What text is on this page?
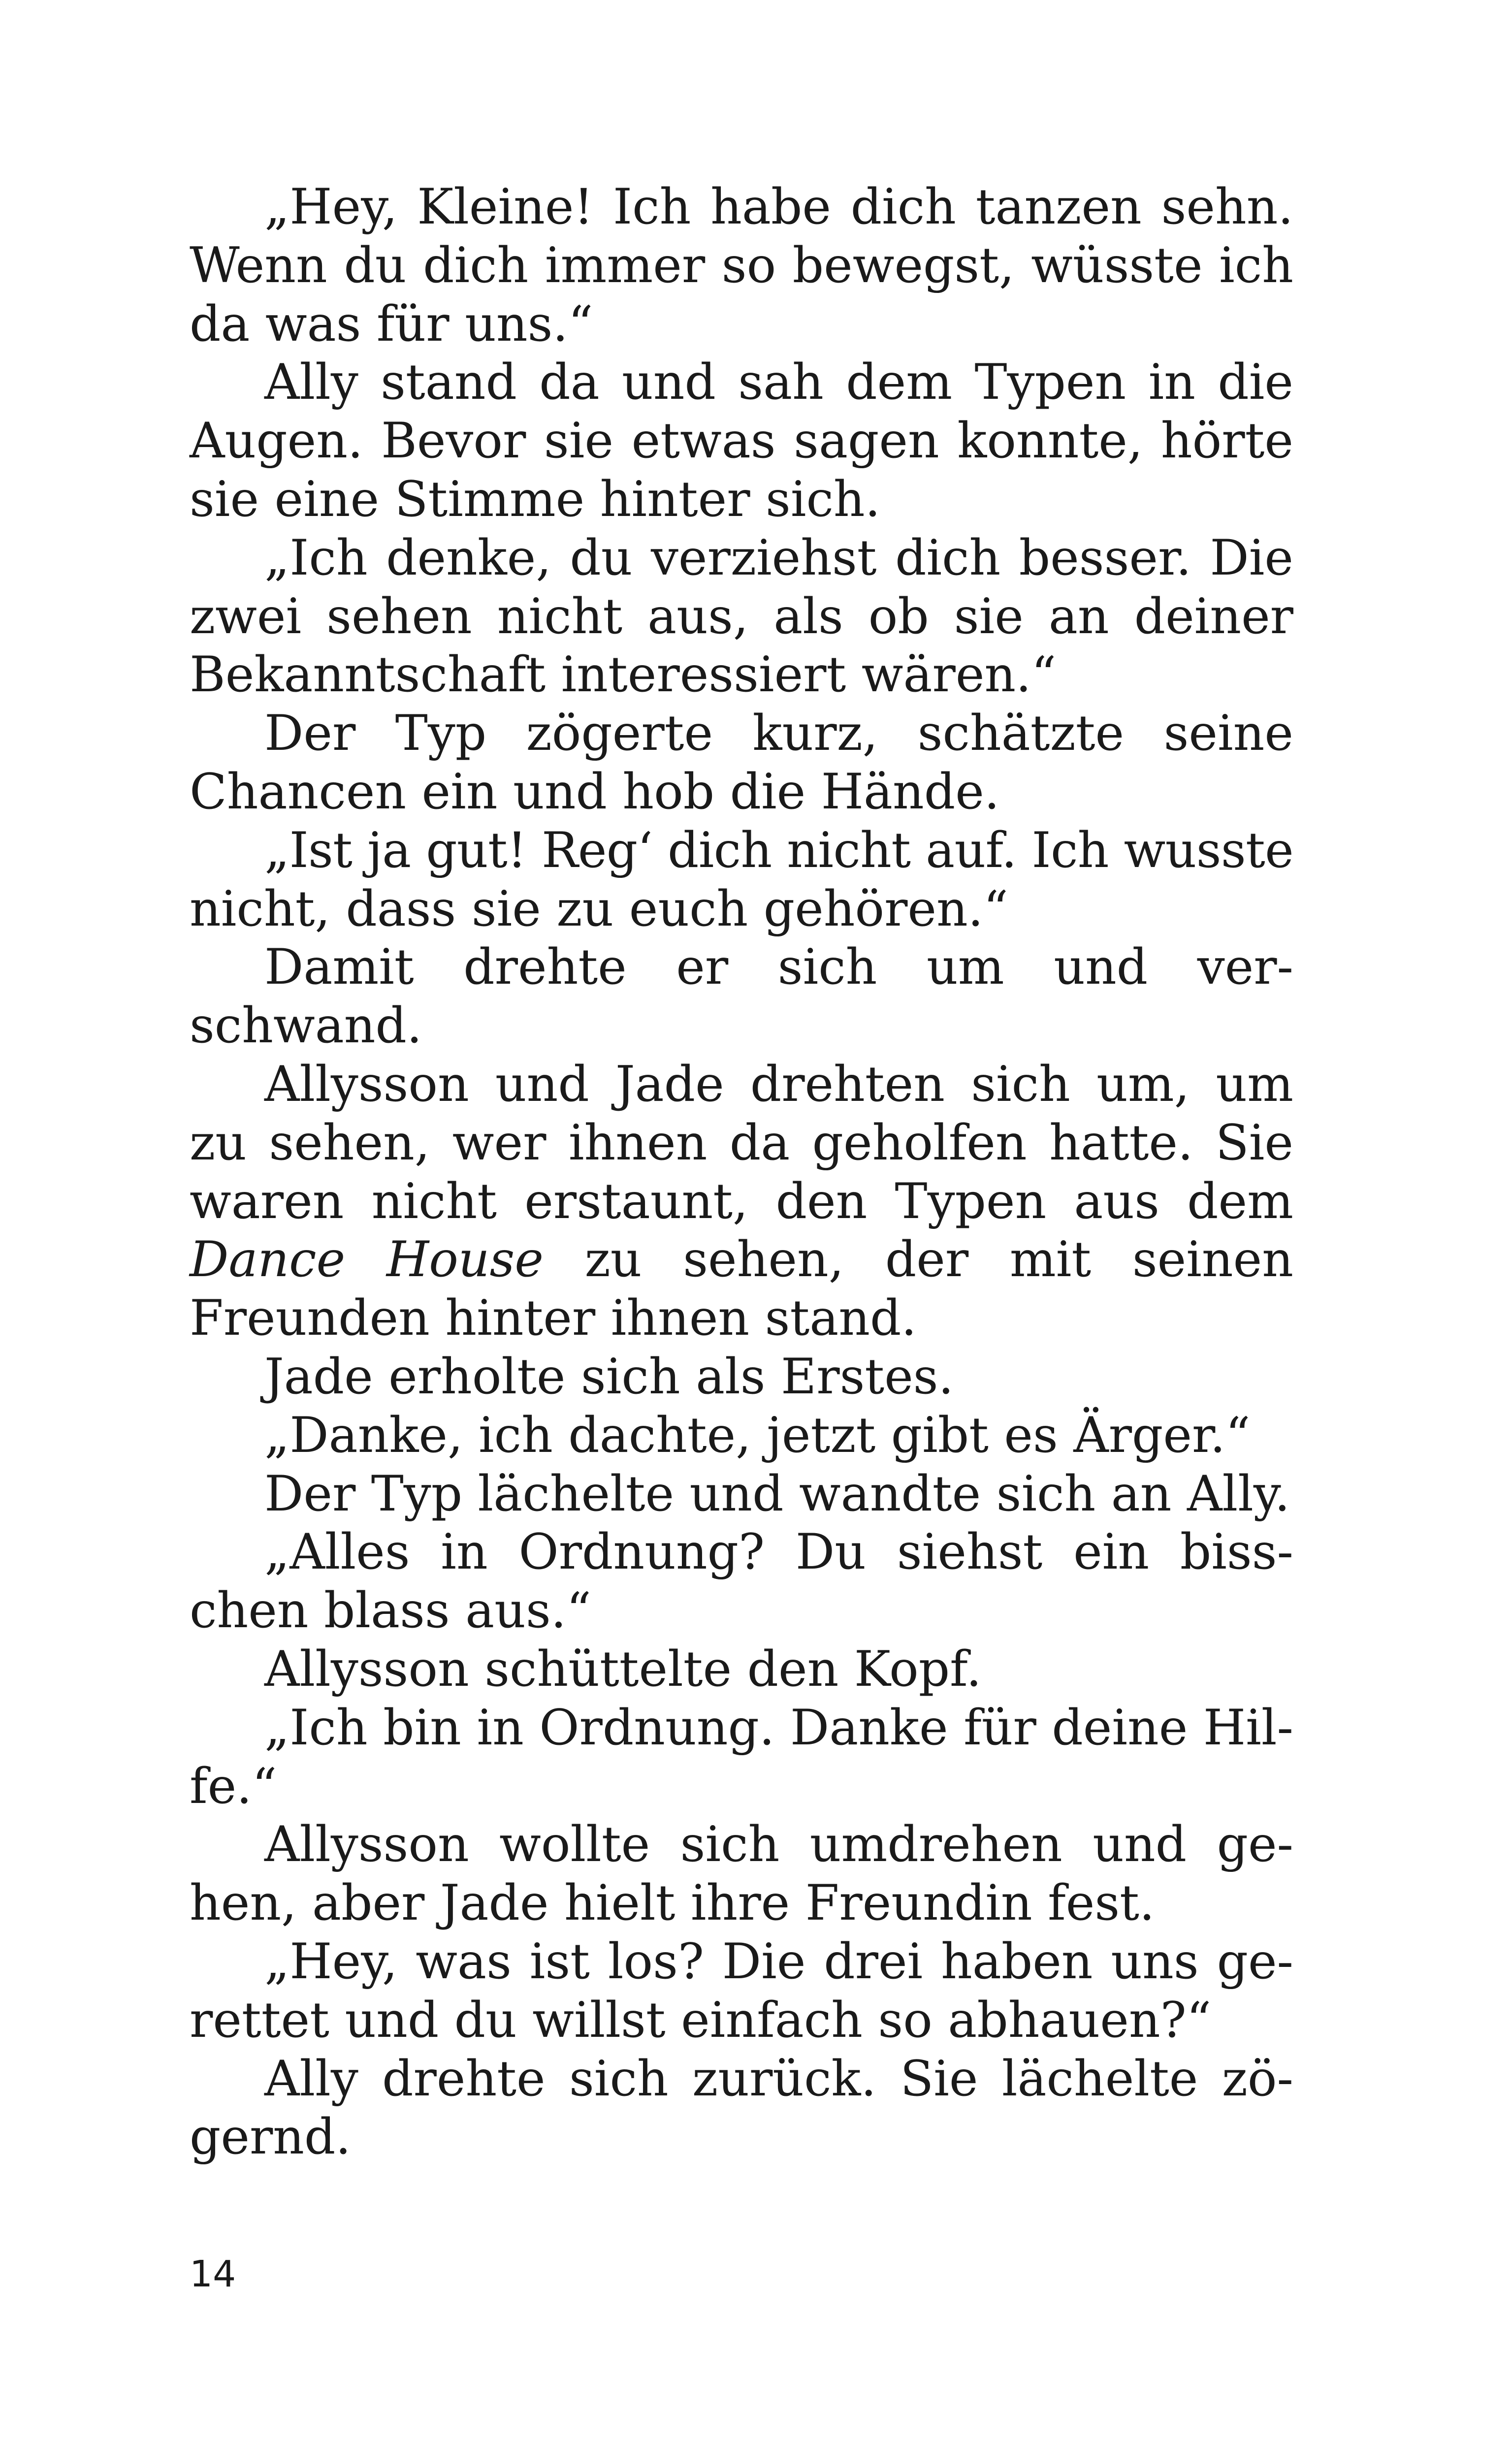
„Hey, Kleine! Ich habe dich tanzen sehn.
Wenn du dich immer so bewegst, wüsste ich
da was für uns.“
Ally stand da und sah dem Typen in die
Augen. Bevor sie etwas sagen konnte, hörte
sie eine Stimme hinter sich.
„Ich denke, du verziehst dich besser. Die
zwei sehen nicht aus, als ob sie an deiner
Bekanntschaft interessiert wären.“
Der Typ zögerte kurz, schätzte seine
Chancen ein und hob die Hände.
„Ist ja gut! Reg‘ dich nicht auf. Ich wusste
nicht, dass sie zu euch gehören.“
Damit drehte er sich um und ver-
schwand.
Allysson und Jade drehten sich um, um
zu sehen, wer ihnen da geholfen hatte. Sie
waren nicht erstaunt, den Typen aus dem
Dance House zu sehen, der mit seinen
Freunden hinter ihnen stand.
Jade erholte sich als Erstes.
„Danke, ich dachte, jetzt gibt es Ärger.“
Der Typ lächelte und wandte sich an Ally.
„Alles in Ordnung? Du siehst ein biss-
chen blass aus.“
Allysson schüttelte den Kopf.
„Ich bin in Ordnung. Danke für deine Hil-
fe.“
Allysson wollte sich umdrehen und ge-
hen, aber Jade hielt ihre Freundin fest.
„Hey, was ist los? Die drei haben uns ge-
rettet und du willst einfach so abhauen?“
Ally drehte sich zurück. Sie lächelte zö-
gernd.
14
